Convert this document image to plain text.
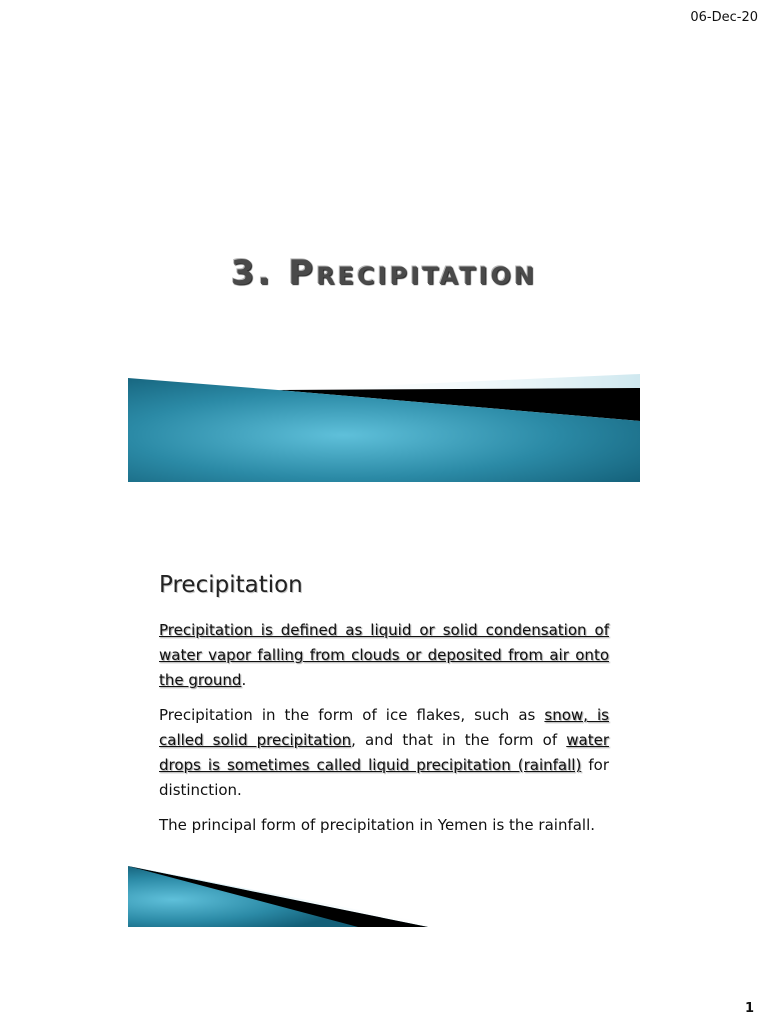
06-Dec-20
3. Precipitation
Precipitation

Precipitation is defined as liquid or solid condensation of water vapor falling from clouds or deposited from air onto the ground.

Precipitation in the form of ice flakes, such as snow, is called solid precipitation, and that in the form of water drops is sometimes called liquid precipitation (rainfall) for distinction.

The principal form of precipitation in Yemen is the rainfall.

1
